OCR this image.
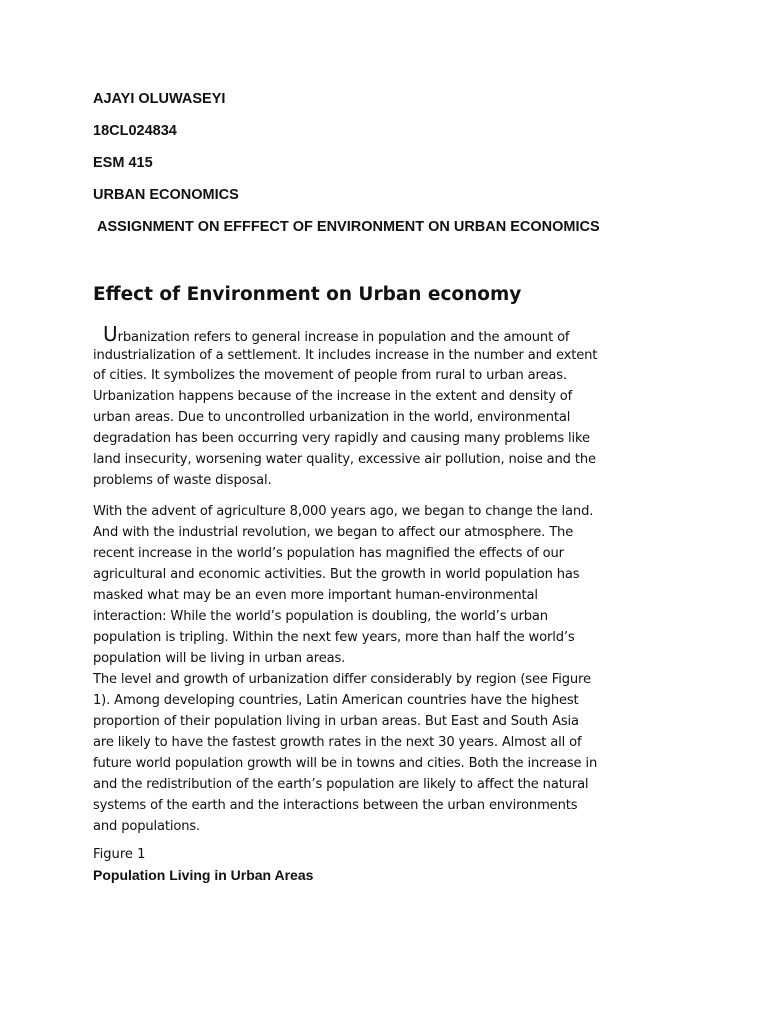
AJAYI OLUWASEYI
18CL024834
ESM 415
URBAN ECONOMICS
ASSIGNMENT ON EFFFECT OF ENVIRONMENT ON URBAN ECONOMICS
Effect of Environment on Urban economy
Urbanization refers to general increase in population and the amount of
industrialization of a settlement. It includes increase in the number and extent
of cities. It symbolizes the movement of people from rural to urban areas.
Urbanization happens because of the increase in the extent and density of
urban areas. Due to uncontrolled urbanization in the world, environmental
degradation has been occurring very rapidly and causing many problems like
land insecurity, worsening water quality, excessive air pollution, noise and the
problems of waste disposal.
With the advent of agriculture 8,000 years ago, we began to change the land.
And with the industrial revolution, we began to affect our atmosphere. The
recent increase in the world’s population has magnified the effects of our
agricultural and economic activities. But the growth in world population has
masked what may be an even more important human-environmental
interaction: While the world’s population is doubling, the world’s urban
population is tripling. Within the next few years, more than half the world’s
population will be living in urban areas.
The level and growth of urbanization differ considerably by region (see Figure
1). Among developing countries, Latin American countries have the highest
proportion of their population living in urban areas. But East and South Asia
are likely to have the fastest growth rates in the next 30 years. Almost all of
future world population growth will be in towns and cities. Both the increase in
and the redistribution of the earth’s population are likely to affect the natural
systems of the earth and the interactions between the urban environments
and populations.
Figure 1
Population Living in Urban Areas
